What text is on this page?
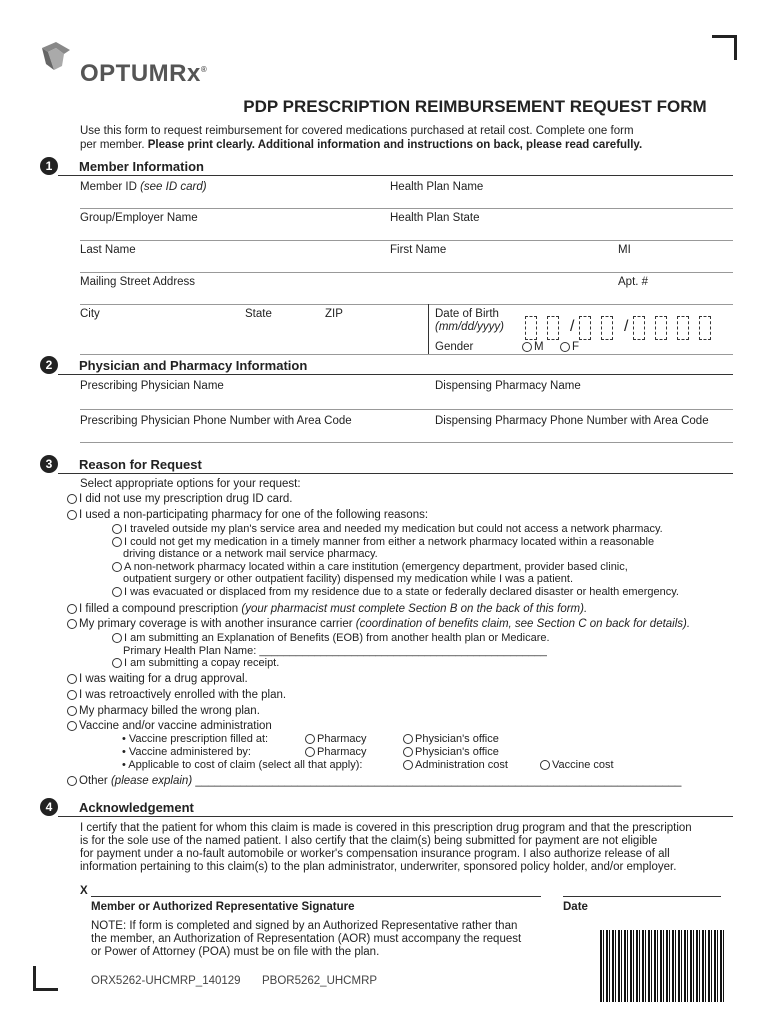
OPTUMRx®
PDP PRESCRIPTION REIMBURSEMENT REQUEST FORM
Use this form to request reimbursement for covered medications purchased at retail cost. Complete one form
per member. Please print clearly. Additional information and instructions on back, please read carefully.
1	Member Information
Member ID (see ID card)	Health Plan Name
Group/Employer Name	Health Plan State
Last Name	First Name	MI
Mailing Street Address	Apt. #
City	State	ZIP	Date of Birth
(mm/dd/yyyy)	/	/
Gender	M	F
2	Physician and Pharmacy Information
Prescribing Physician Name	Dispensing Pharmacy Name
Prescribing Physician Phone Number with Area Code	Dispensing Pharmacy Phone Number with Area Code
3	Reason for Request
Select appropriate options for your request:
I did not use my prescription drug ID card.
I used a non-participating pharmacy for one of the following reasons:
I traveled outside my plan's service area and needed my medication but could not access a network pharmacy.
I could not get my medication in a timely manner from either a network pharmacy located within a reasonable
driving distance or a network mail service pharmacy.
A non-network pharmacy located within a care institution (emergency department, provider based clinic,
outpatient surgery or other outpatient facility) dispensed my medication while I was a patient.
I was evacuated or displaced from my residence due to a state or federally declared disaster or health emergency.
I filled a compound prescription (your pharmacist must complete Section B on the back of this form).
My primary coverage is with another insurance carrier (coordination of benefits claim, see Section C on back for details).
I am submitting an Explanation of Benefits (EOB) from another health plan or Medicare.
Primary Health Plan Name: _______________________________________________
I am submitting a copay receipt.
I was waiting for a drug approval.
I was retroactively enrolled with the plan.
My pharmacy billed the wrong plan.
Vaccine and/or vaccine administration
• Vaccine prescription filled at:	Pharmacy	Physician's office
• Vaccine administered by:	Pharmacy	Physician's office
• Applicable to cost of claim (select all that apply):	Administration cost	Vaccine cost
Other (please explain) ____________________________________________________________________________
4	Acknowledgement
I certify that the patient for whom this claim is made is covered in this prescription drug program and that the prescription
is for the sole use of the named patient. I also certify that the claim(s) being submitted for payment are not eligible
for payment under a no-fault automobile or worker's compensation insurance program. I also authorize release of all
information pertaining to this claim(s) to the plan administrator, underwriter, sponsored policy holder, and/or employer.
X
Member or Authorized Representative Signature	Date
NOTE: If form is completed and signed by an Authorized Representative rather than
the member, an Authorization of Representation (AOR) must accompany the request
or Power of Attorney (POA) must be on file with the plan.
ORX5262-UHCMRP_140129 PBOR5262_UHCMRP
